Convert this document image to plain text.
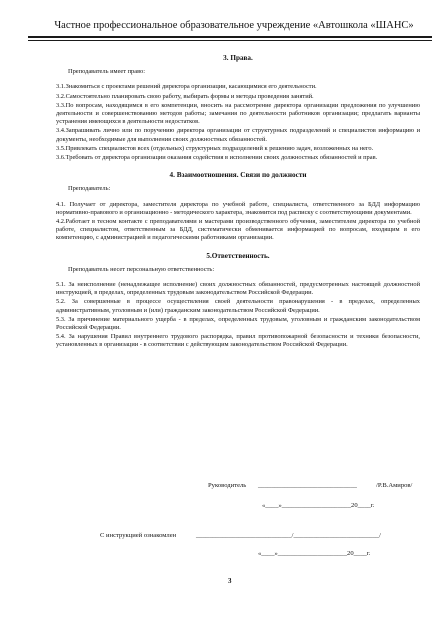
Частное профессиональное образовательное учреждение «Автошкола «ШАНС»
3. Права.

Преподаватель имеет право:

3.1.Знакомиться с проектами решений директора организации, касающимися его деятельности.

3.2.Самостоятельно планировать свою работу, выбирать формы и методы проведения занятий.

3.3.По вопросам, находящимся в его компетенции, вносить на рассмотрение директора организации предложения по улучшению деятельности и совершенствованию методов работы; замечания по деятельности работников организации; предлагать варианты устранения имеющихся в деятельности недостатков.

3.4.Запрашивать лично или по поручению директора организации от структурных подразделений и специалистов информацию и документы, необходимые для выполнения своих должностных обязанностей.

3.5.Привлекать специалистов всех (отдельных) структурных подразделений к решению задач, возложенных на него.

3.6.Требовать от директора организации оказания содействия в исполнении своих должностных обязанностей и прав.

4. Взаимоотношения. Связи по должности

Преподаватель:

4.1. Получает от директора, заместителя директора по учебной работе, специалиста, ответственного за БДД информацию нормативно-правового и организационно - методического характера, знакомится под расписку с соответствующими документами.

4.2.Работает в тесном контакте с преподавателями и мастерами производственного обучения, заместителем директора по учебной работе, специалистом, ответственным за БДД, систематически обменивается информацией по вопросам, входящим в его компетенцию, с администрацией и педагогическими работниками организации.

5.Ответственность.

Преподаватель несет персональную ответственность:

5.1. За неисполнение (ненадлежащее исполнение) своих должностных обязанностей, предусмотренных настоящей должностной инструкцией, в пределах, определенных трудовым законодательством Российской Федерации.

5.2. За совершенные в процессе осуществления своей деятельности правонарушения - в пределах, определенных административным, уголовным и (или) гражданским законодательством Российской Федерации.

5.3. За причинение материального ущерба - в пределах, определенных трудовым, уголовным и гражданским законодательством Российской Федерации.

5.4. За нарушения Правил внутреннего трудового распорядка, правил противопожарной безопасности и техники безопасности, установленных в организации - в соответствии с действующим законодательством Российской Федерации.

Руководитель ______________________________	/Р.В.Амиров/
«____»_____________________20____г.
С инструкцией ознакомлен	_____________________________/__________________________/
«____»_____________________20____г.
3
